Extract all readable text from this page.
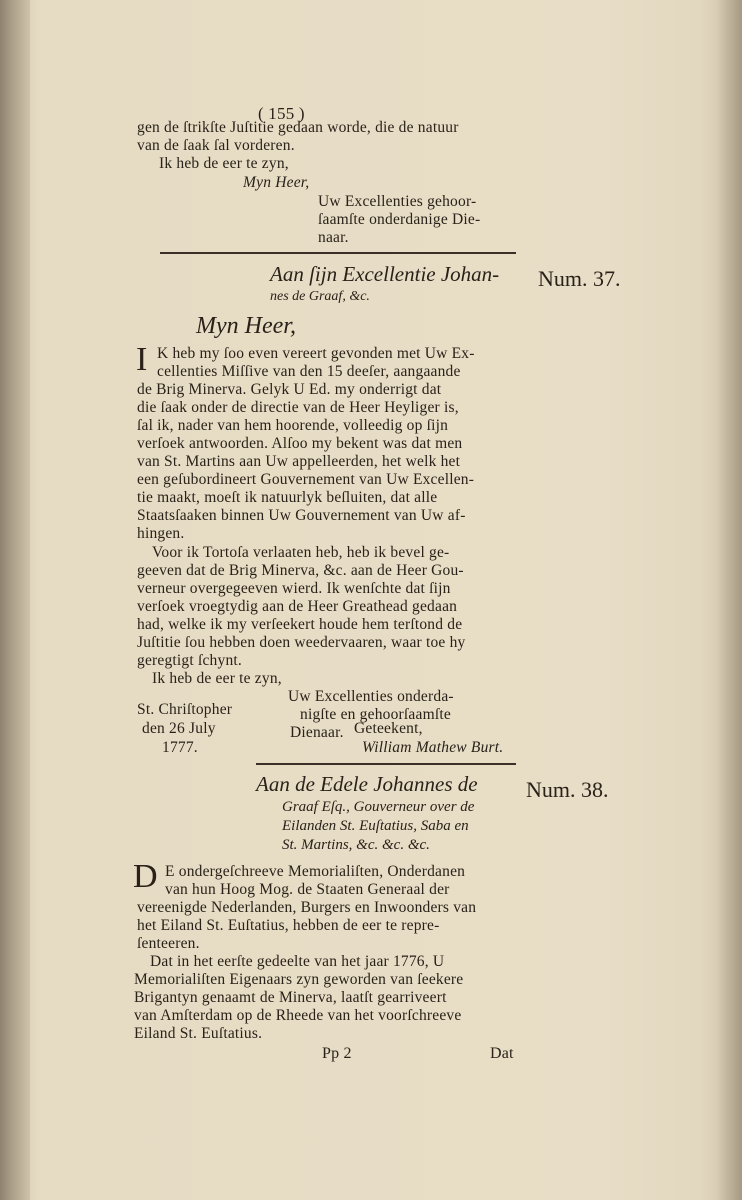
( 155 )
gen de ſtrikſte Juſtitie gedaan worde, die de natuur
van de ſaak ſal vorderen.
Ik heb de eer te zyn,
Myn Heer,
Uw Excellenties gehoor-
ſaamſte onderdanige Die-
naar.
Aan ſijn Excellentie Johan-
nes de Graaf, &c.
Num. 37.
Myn Heer,
I K heb my ſoo even vereert gevonden met Uw Ex-
cellenties Miſſive van den 15 deeſer, aangaande
de Brig Minerva. Gelyk U Ed. my onderrigt dat
die ſaak onder de directie van de Heer Heyliger is,
ſal ik, nader van hem hoorende, volleedig op ſijn
verſoek antwoorden. Alſoo my bekent was dat men
van St. Martins aan Uw appelleerden, het welk het
een geſubordineert Gouvernement van Uw Excellen-
tie maakt, moeſt ik natuurlyk beſluiten, dat alle
Staatsſaaken binnen Uw Gouvernement van Uw af-
hingen.
Voor ik Tortoſa verlaaten heb, heb ik bevel ge-
geeven dat de Brig Minerva, &c. aan de Heer Gou-
verneur overgegeeven wierd. Ik wenſchte dat ſijn
verſoek vroegtydig aan de Heer Greathead gedaan
had, welke ik my verſeekert houde hem terſtond de
Juſtitie ſou hebben doen weedervaaren, waar toe hy
geregtigt ſchynt.
Ik heb de eer te zyn,
Uw Excellenties onderda-
nigſte en gehoorſaamſte
Dienaar.
St. Chriſtopher
den 26 July
1777.
Geteekent,
William Mathew Burt.
Aan de Edele Johannes de
Graaf Eſq., Gouverneur over de
Eilanden St. Euſtatius, Saba en
St. Martins, &c. &c. &c.
Num. 38.
D E ondergeſchreeve Memorialiſten, Onderdanen
van hun Hoog Mog. de Staaten Generaal der
vereenigde Nederlanden, Burgers en Inwoonders van
het Eiland St. Euſtatius, hebben de eer te repre-
ſenteeren.
Dat in het eerſte gedeelte van het jaar 1776, U
Memorialiſten Eigenaars zyn geworden van ſeekere
Brigantyn genaamt de Minerva, laatſt gearriveert
van Amſterdam op de Rheede van het voorſchreeve
Eiland St. Euſtatius.
Pp 2	Dat
